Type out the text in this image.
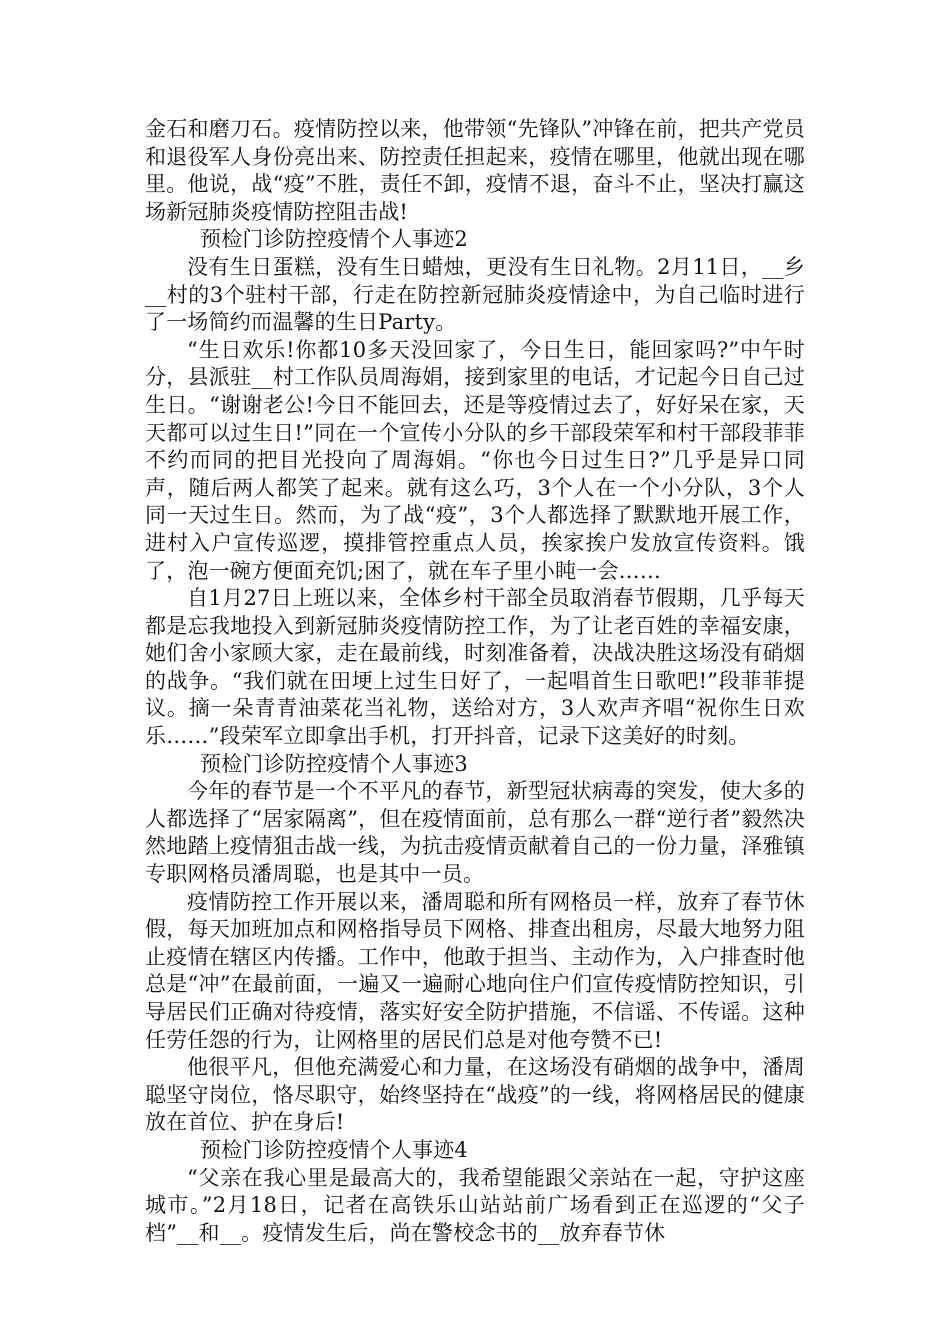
金石和磨刀石。疫情防控以来，他带领“先锋队”冲锋在前，把共产党员和退役军人身份亮出来、防控责任担起来，疫情在哪里，他就出现在哪里。他说，战“疫”不胜，责任不卸，疫情不退，奋斗不止，坚决打赢这场新冠肺炎疫情防控阻击战!

预检门诊防控疫情个人事迹2

没有生日蛋糕，没有生日蜡烛，更没有生日礼物。2月11日，__乡__村的3个驻村干部，行走在防控新冠肺炎疫情途中，为自己临时进行了一场简约而温馨的生日Party。

“生日欢乐!你都10多天没回家了，今日生日，能回家吗?”中午时分，县派驻__村工作队员周海娟，接到家里的电话，才记起今日自己过生日。“谢谢老公!今日不能回去，还是等疫情过去了，好好呆在家，天天都可以过生日!”同在一个宣传小分队的乡干部段荣军和村干部段菲菲不约而同的把目光投向了周海娟。“你也今日过生日?”几乎是异口同声，随后两人都笑了起来。就有这么巧，3个人在一个小分队，3个人同一天过生日。然而，为了战“疫”，3个人都选择了默默地开展工作，进村入户宣传巡逻，摸排管控重点人员，挨家挨户发放宣传资料。饿了，泡一碗方便面充饥;困了，就在车子里小盹一会……

自1月27日上班以来，全体乡村干部全员取消春节假期，几乎每天都是忘我地投入到新冠肺炎疫情防控工作，为了让老百姓的幸福安康，她们舍小家顾大家，走在最前线，时刻准备着，决战决胜这场没有硝烟的战争。“我们就在田埂上过生日好了，一起唱首生日歌吧!”段菲菲提议。摘一朵青青油菜花当礼物，送给对方，3人欢声齐唱“祝你生日欢乐……”段荣军立即拿出手机，打开抖音，记录下这美好的时刻。

预检门诊防控疫情个人事迹3

今年的春节是一个不平凡的春节，新型冠状病毒的突发，使大多的人都选择了“居家隔离”，但在疫情面前，总有那么一群“逆行者”毅然决然地踏上疫情狙击战一线，为抗击疫情贡献着自己的一份力量，泽雅镇专职网格员潘周聪，也是其中一员。

疫情防控工作开展以来，潘周聪和所有网格员一样，放弃了春节休假，每天加班加点和网格指导员下网格、排查出租房，尽最大地努力阻止疫情在辖区内传播。工作中，他敢于担当、主动作为，入户排查时他总是“冲”在最前面，一遍又一遍耐心地向住户们宣传疫情防控知识，引导居民们正确对待疫情，落实好安全防护措施，不信谣、不传谣。这种任劳任怨的行为，让网格里的居民们总是对他夸赞不已!

他很平凡，但他充满爱心和力量，在这场没有硝烟的战争中，潘周聪坚守岗位，恪尽职守，始终坚持在“战疫”的一线，将网格居民的健康放在首位、护在身后!

预检门诊防控疫情个人事迹4

“父亲在我心里是最高大的，我希望能跟父亲站在一起，守护这座城市。”2月18日，记者在高铁乐山站站前广场看到正在巡逻的“父子档”__和__。疫情发生后，尚在警校念书的__放弃春节休
